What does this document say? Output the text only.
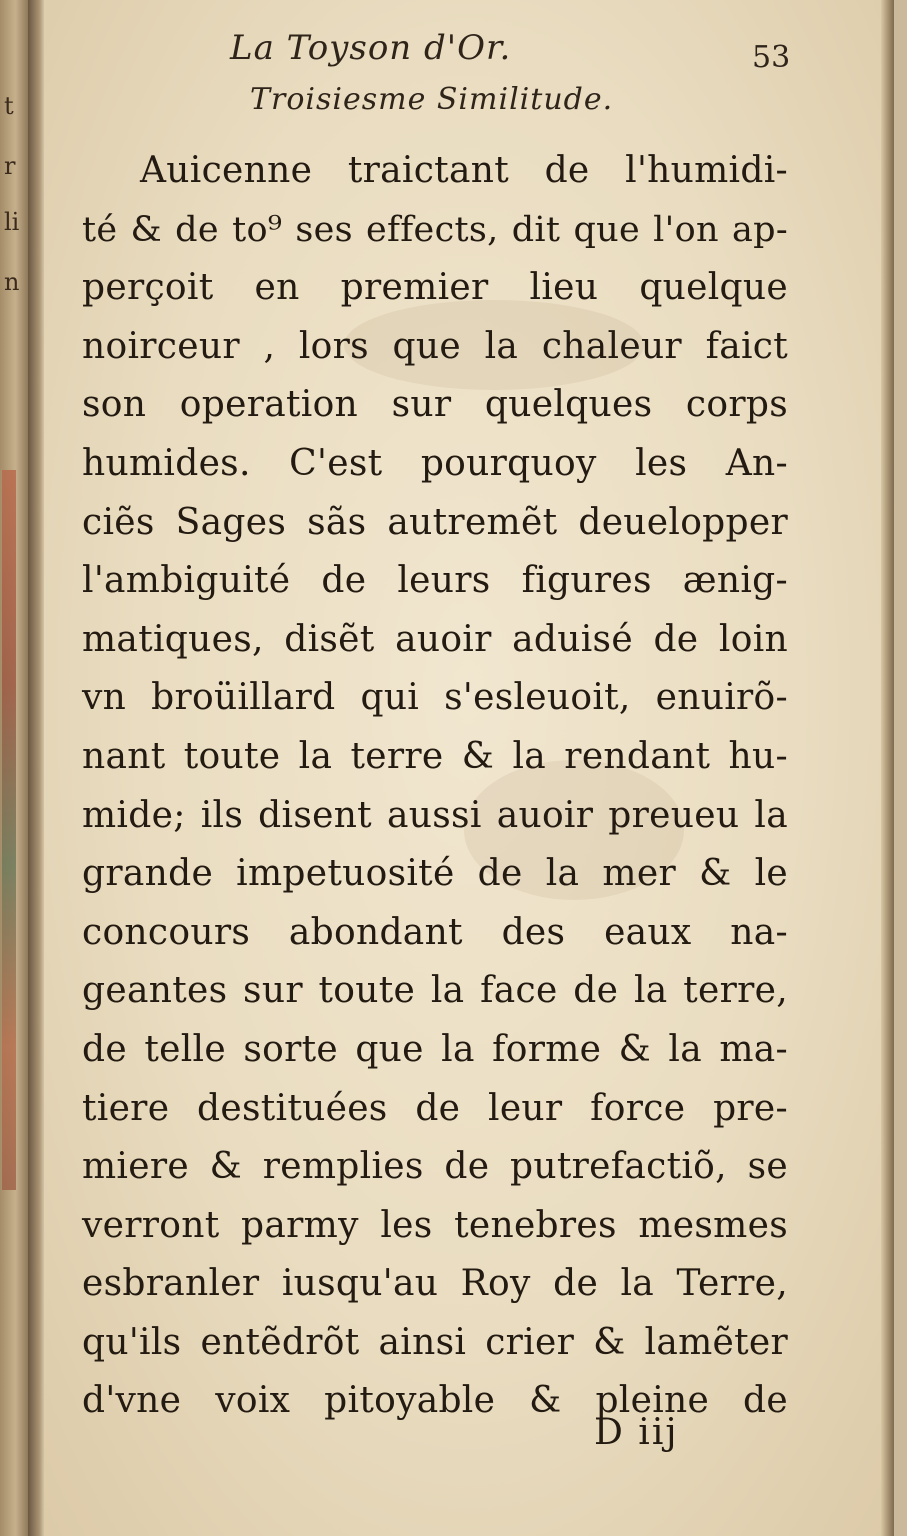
t
r
li
n
La Toyson d'Or.	53
Troisiesme Similitude.
Auicenne traictant de l'humidi-
té & de to⁹ ses effects, dit que l'on ap-
perçoit en premier lieu quelque
noirceur , lors que la chaleur faict
son operation sur quelques corps
humides. C'est pourquoy les An-
ciẽs Sages sãs autremẽt deuelopper
l'ambiguité de leurs figures ænig-
matiques, disẽt auoir aduisé de loin
vn broüillard qui s'esleuoit, enuirõ-
nant toute la terre & la rendant hu-
mide; ils disent aussi auoir preueu la
grande impetuosité de la mer & le
concours abondant des eaux na-
geantes sur toute la face de la terre,
de telle sorte que la forme & la ma-
tiere destituées de leur force pre-
miere & remplies de putrefactiõ, se
verront parmy les tenebres mesmes
esbranler iusqu'au Roy de la Terre,
qu'ils entẽdrõt ainsi crier & lamẽter
d'vne voix pitoyable & pleine de
D iij
